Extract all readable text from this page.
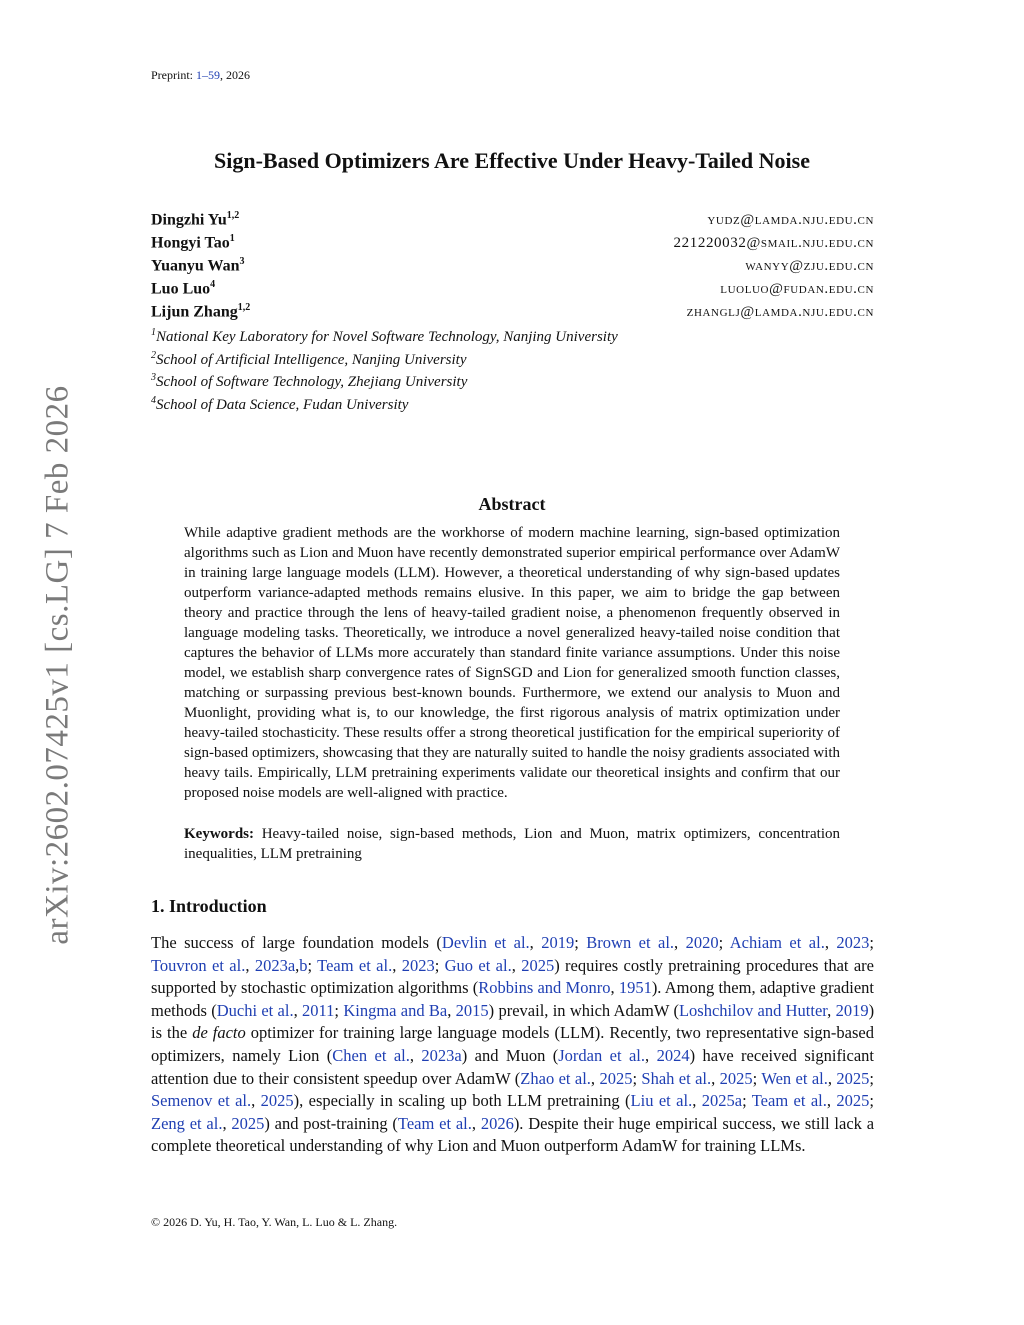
Preprint: 1–59, 2026
arXiv:2602.07425v1 [cs.LG] 7 Feb 2026
Sign-Based Optimizers Are Effective Under Heavy-Tailed Noise
Dingzhi Yu$^{1,2}$	yudz@lamda.nju.edu.cn
Hongyi Tao$^1$	221220032@smail.nju.edu.cn
Yuanyu Wan$^3$	wanyy@zju.edu.cn
Luo Luo$^4$	luoluo@fudan.edu.cn
Lijun Zhang$^{1,2}$	zhanglj@lamda.nju.edu.cn
$^1$National Key Laboratory for Novel Software Technology, Nanjing University
$^2$School of Artificial Intelligence, Nanjing University
$^3$School of Software Technology, Zhejiang University
$^4$School of Data Science, Fudan University
Abstract
While adaptive gradient methods are the workhorse of modern machine learning, sign-based optimization algorithms such as Lion and Muon have recently demonstrated superior empirical performance over AdamW in training large language models (LLM). However, a theoretical understanding of why sign-based updates outperform variance-adapted methods remains elusive. In this paper, we aim to bridge the gap between theory and practice through the lens of heavy-tailed gradient noise, a phenomenon frequently observed in language modeling tasks. Theoretically, we introduce a novel generalized heavy-tailed noise condition that captures the behavior of LLMs more accurately than standard finite variance assumptions. Under this noise model, we establish sharp convergence rates of SignSGD and Lion for generalized smooth function classes, matching or surpassing previous best-known bounds. Furthermore, we extend our analysis to Muon and Muonlight, providing what is, to our knowledge, the first rigorous analysis of matrix optimization under heavy-tailed stochasticity. These results offer a strong theoretical justification for the empirical superiority of sign-based optimizers, showcasing that they are naturally suited to handle the noisy gradients associated with heavy tails. Empirically, LLM pretraining experiments validate our theoretical insights and confirm that our proposed noise models are well-aligned with practice.
Keywords: Heavy-tailed noise, sign-based methods, Lion and Muon, matrix optimizers, concentration inequalities, LLM pretraining
1. Introduction
The success of large foundation models (Devlin et al., 2019; Brown et al., 2020; Achiam et al., 2023; Touvron et al., 2023a,b; Team et al., 2023; Guo et al., 2025) requires costly pretraining procedures that are supported by stochastic optimization algorithms (Robbins and Monro, 1951). Among them, adaptive gradient methods (Duchi et al., 2011; Kingma and Ba, 2015) prevail, in which AdamW (Loshchilov and Hutter, 2019) is the de facto optimizer for training large language models (LLM). Recently, two representative sign-based optimizers, namely Lion (Chen et al., 2023a) and Muon (Jordan et al., 2024) have received significant attention due to their consistent speedup over AdamW (Zhao et al., 2025; Shah et al., 2025; Wen et al., 2025; Semenov et al., 2025), especially in scaling up both LLM pretraining (Liu et al., 2025a; Team et al., 2025; Zeng et al., 2025) and post-training (Team et al., 2026). Despite their huge empirical success, we still lack a complete theoretical understanding of why Lion and Muon outperform AdamW for training LLMs.
© 2026 D. Yu, H. Tao, Y. Wan, L. Luo & L. Zhang.
